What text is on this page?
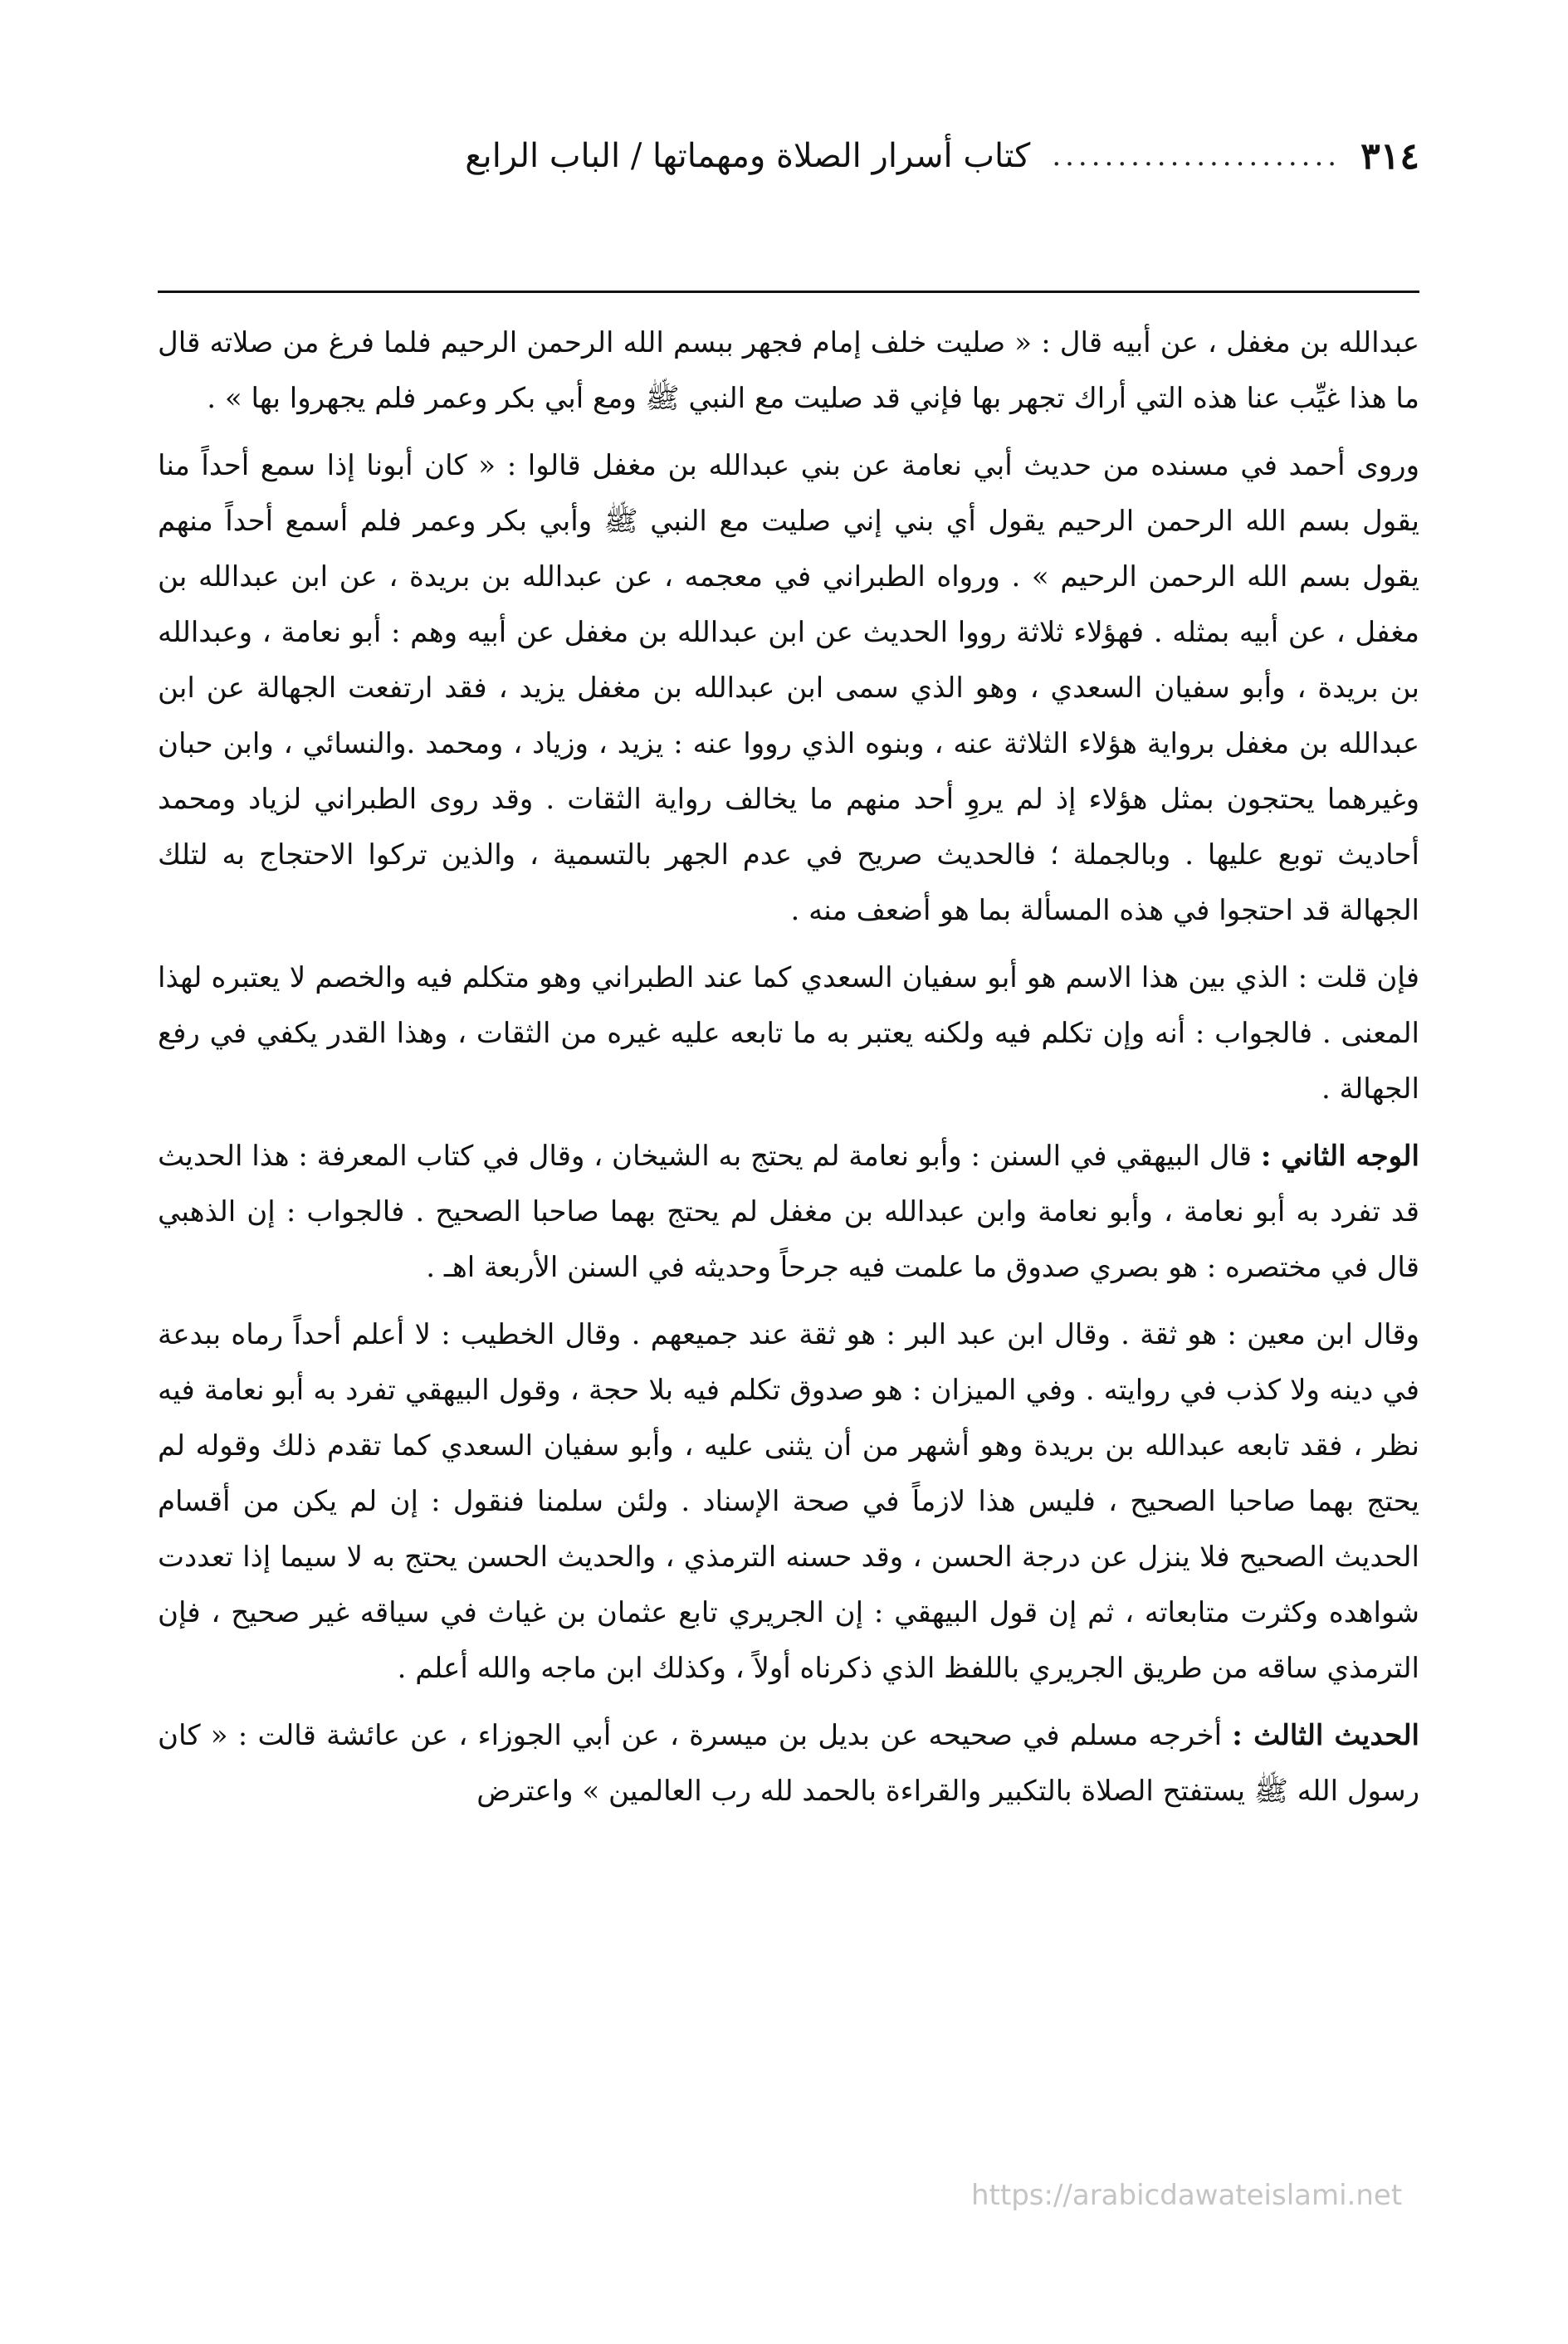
٣١٤
......................
كتاب أسرار الصلاة ومهماتها / الباب الرابع

عبدالله بن مغفل ، عن أبيه قال : « صليت خلف إمام فجهر ببسم الله الرحمن الرحيم فلما فرغ من صلاته قال ما هذا غيِّب عنا هذه التي أراك تجهر بها فإني قد صليت مع النبي ﷺ ومع أبي بكر وعمر فلم يجهروا بها » .

وروى أحمد في مسنده من حديث أبي نعامة عن بني عبدالله بن مغفل قالوا : « كان أبونا إذا سمع أحداً منا يقول بسم الله الرحمن الرحيم يقول أي بني إني صليت مع النبي ﷺ وأبي بكر وعمر فلم أسمع أحداً منهم يقول بسم الله الرحمن الرحيم » . ورواه الطبراني في معجمه ، عن عبدالله بن بريدة ، عن ابن عبدالله بن مغفل ، عن أبيه بمثله . فهؤلاء ثلاثة رووا الحديث عن ابن عبدالله بن مغفل عن أبيه وهم : أبو نعامة ، وعبدالله بن بريدة ، وأبو سفيان السعدي ، وهو الذي سمى ابن عبدالله بن مغفل يزيد ، فقد ارتفعت الجهالة عن ابن عبدالله بن مغفل برواية هؤلاء الثلاثة عنه ، وبنوه الذي رووا عنه : يزيد ، وزياد ، ومحمد .والنسائي ، وابن حبان وغيرهما يحتجون بمثل هؤلاء إذ لم يروِ أحد منهم ما يخالف رواية الثقات . وقد روى الطبراني لزياد ومحمد أحاديث توبع عليها . وبالجملة ؛ فالحديث صريح في عدم الجهر بالتسمية ، والذين تركوا الاحتجاج به لتلك الجهالة قد احتجوا في هذه المسألة بما هو أضعف منه .

فإن قلت : الذي بين هذا الاسم هو أبو سفيان السعدي كما عند الطبراني وهو متكلم فيه والخصم لا يعتبره لهذا المعنى . فالجواب : أنه وإن تكلم فيه ولكنه يعتبر به ما تابعه عليه غيره من الثقات ، وهذا القدر يكفي في رفع الجهالة .

الوجه الثاني : قال البيهقي في السنن : وأبو نعامة لم يحتج به الشيخان ، وقال في كتاب المعرفة : هذا الحديث قد تفرد به أبو نعامة ، وأبو نعامة وابن عبدالله بن مغفل لم يحتج بهما صاحبا الصحيح . فالجواب : إن الذهبي قال في مختصره : هو بصري صدوق ما علمت فيه جرحاً وحديثه في السنن الأربعة اهـ .

وقال ابن معين : هو ثقة . وقال ابن عبد البر : هو ثقة عند جميعهم . وقال الخطيب : لا أعلم أحداً رماه ببدعة في دينه ولا كذب في روايته . وفي الميزان : هو صدوق تكلم فيه بلا حجة ، وقول البيهقي تفرد به أبو نعامة فيه نظر ، فقد تابعه عبدالله بن بريدة وهو أشهر من أن يثنى عليه ، وأبو سفيان السعدي كما تقدم ذلك وقوله لم يحتج بهما صاحبا الصحيح ، فليس هذا لازماً في صحة الإسناد . ولئن سلمنا فنقول : إن لم يكن من أقسام الحديث الصحيح فلا ينزل عن درجة الحسن ، وقد حسنه الترمذي ، والحديث الحسن يحتج به لا سيما إذا تعددت شواهده وكثرت متابعاته ، ثم إن قول البيهقي : إن الجريري تابع عثمان بن غياث في سياقه غير صحيح ، فإن الترمذي ساقه من طريق الجريري باللفظ الذي ذكرناه أولاً ، وكذلك ابن ماجه والله أعلم .

الحديث الثالث : أخرجه مسلم في صحيحه عن بديل بن ميسرة ، عن أبي الجوزاء ، عن عائشة قالت : « كان رسول الله ﷺ يستفتح الصلاة بالتكبير والقراءة بالحمد لله رب العالمين » واعترض

https://arabicdawateislami.net
